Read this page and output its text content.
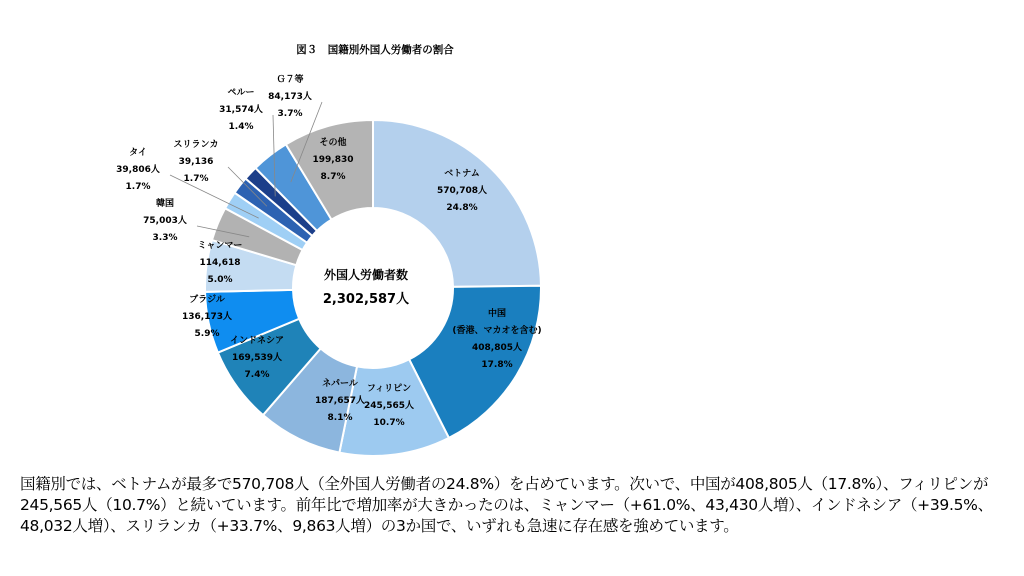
図３　国籍別外国人労働者の割合
ベトナム 570,708人 24.8%
中国(香港、マカオを含む) 408,805人 17.8%
フィリピン 245,565人 10.7%
ネパール 187,657人 8.1%
インドネシア 169,539人 7.4%
ブラジル 136,173人 5.9%
ミャンマー 114,618 5.0%
韓国 75,003人 3.3%
タイ 39,806人 1.7%
スリランカ 39,136 1.7%
ペルー 31,574人 1.4%
Ｇ７等 84,173人 3.7%
その他 199,830 8.7%
外国人労働者数
2,302,587人
国籍別では、ベトナムが最多で570,708人（全外国人労働者の24.8%）を占めています。次いで、中国が408,805人（17.8%）、フィリピンが245,565人（10.7%）と続いています。前年比で増加率が大きかったのは、ミャンマー（+61.0%、43,430人増）、インドネシア（+39.5%、48,032人増）、スリランカ（+33.7%、9,863人増）の3か国で、いずれも急速に存在感を強めています。
